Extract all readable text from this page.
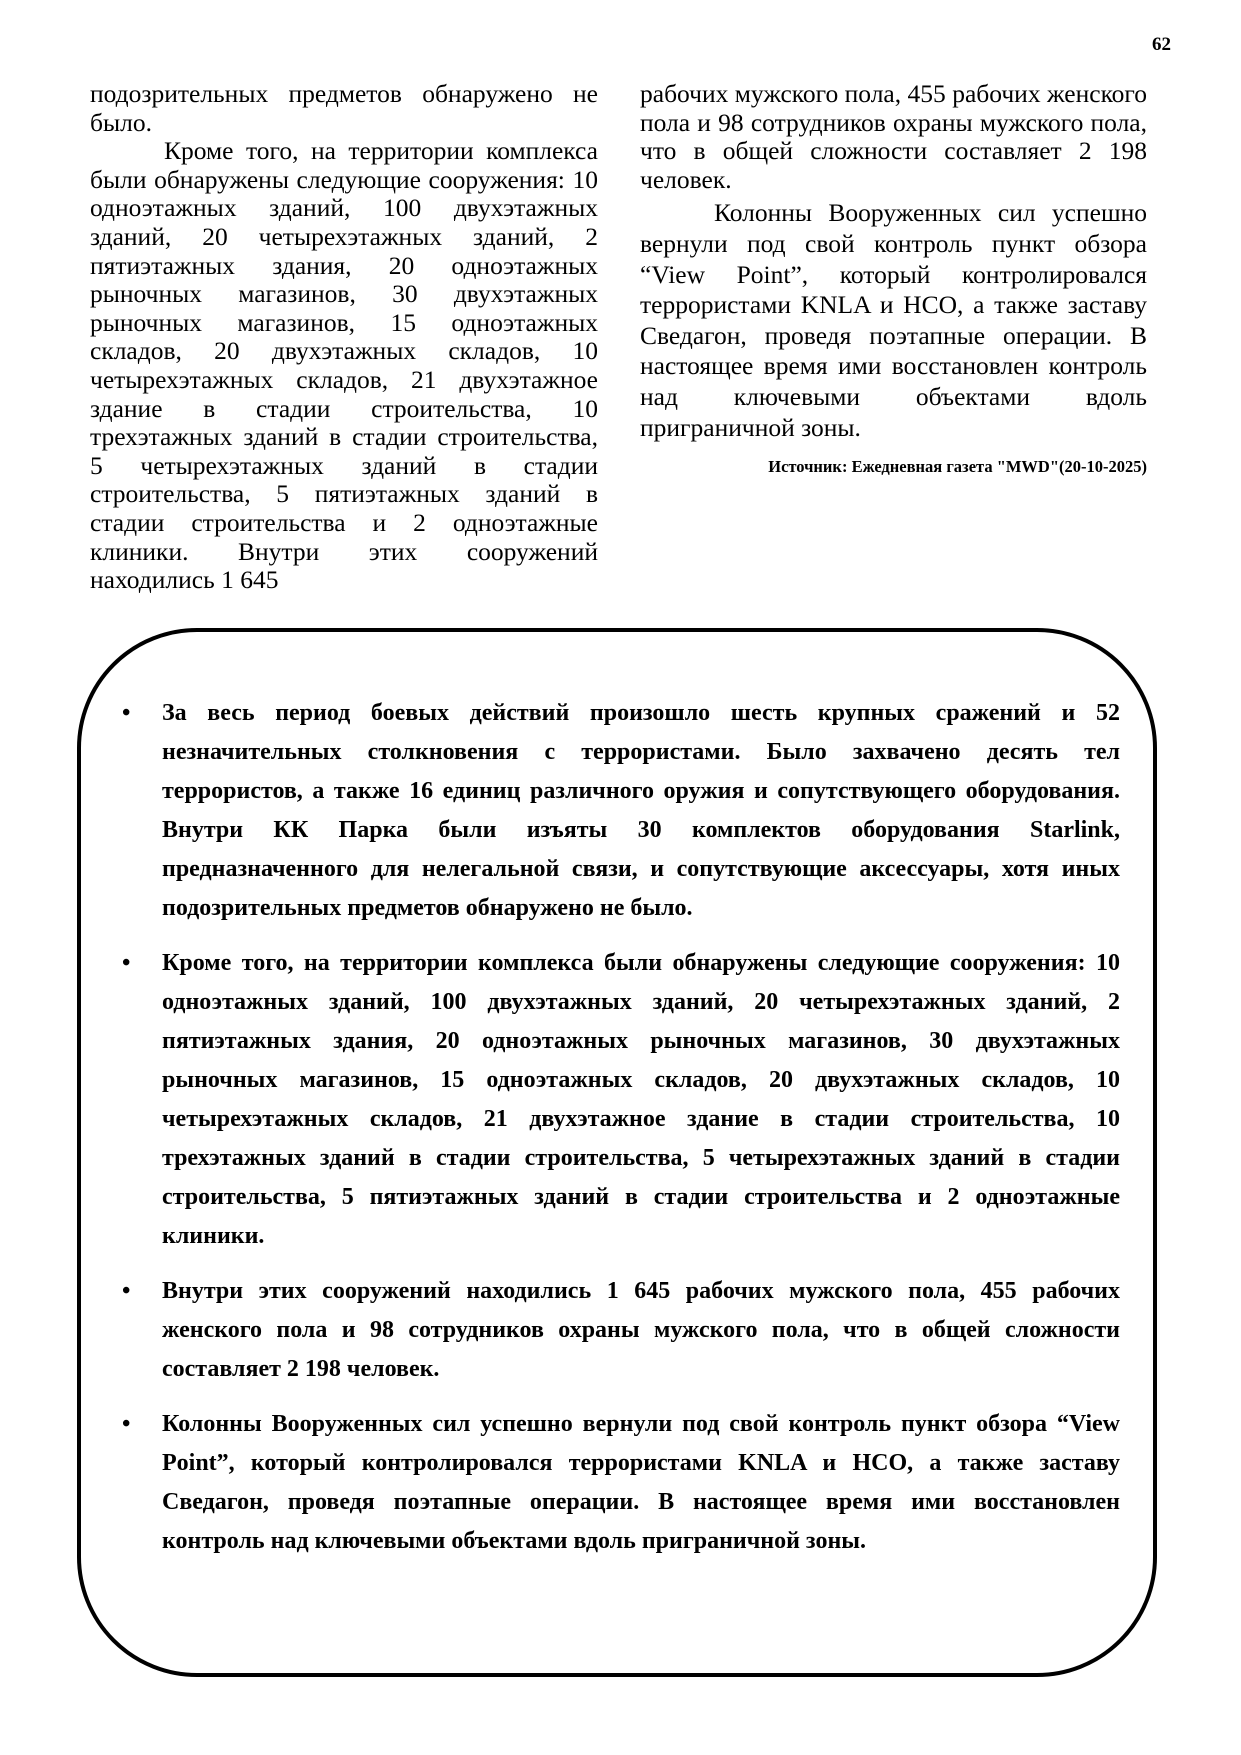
62

подозрительных предметов обнаружено не было.

Кроме того, на территории комплекса были обнаружены следующие сооружения: 10 одноэтажных зданий, 100 двухэтажных зданий, 20 четырехэтажных зданий, 2 пятиэтажных здания, 20 одноэтажных рыночных магазинов, 30 двухэтажных рыночных магазинов, 15 одноэтажных складов, 20 двухэтажных складов, 10 четырехэтажных складов, 21 двухэтажное здание в стадии строительства, 10 трехэтажных зданий в стадии строительства, 5 четырехэтажных зданий в стадии строительства, 5 пятиэтажных зданий в стадии строительства и 2 одноэтажные клиники. Внутри этих сооружений находились 1 645

рабочих мужского пола, 455 рабочих женского пола и 98 сотрудников охраны мужского пола, что в общей сложности составляет 2 198 человек.

Колонны Вооруженных сил успешно вернули под свой контроль пункт обзора “View Point”, который контролировался террористами KNLA и HCO, а также заставу Сведагон, проведя поэтапные операции. В настоящее время ими восстановлен контроль над ключевыми объектами вдоль приграничной зоны.

Источник: Ежедневная газета "MWD"(20-10-2025)
• За весь период боевых действий произошло шесть крупных сражений и 52 незначительных столкновения с террористами. Было захвачено десять тел террористов, а также 16 единиц различного оружия и сопутствующего оборудования. Внутри КК Парка были изъяты 30 комплектов оборудования Starlink, предназначенного для нелегальной связи, и сопутствующие аксессуары, хотя иных подозрительных предметов обнаружено не было.
• Кроме того, на территории комплекса были обнаружены следующие сооружения: 10 одноэтажных зданий, 100 двухэтажных зданий, 20 четырехэтажных зданий, 2 пятиэтажных здания, 20 одноэтажных рыночных магазинов, 30 двухэтажных рыночных магазинов, 15 одноэтажных складов, 20 двухэтажных складов, 10 четырехэтажных складов, 21 двухэтажное здание в стадии строительства, 10 трехэтажных зданий в стадии строительства, 5 четырехэтажных зданий в стадии строительства, 5 пятиэтажных зданий в стадии строительства и 2 одноэтажные клиники.
• Внутри этих сооружений находились 1 645 рабочих мужского пола, 455 рабочих женского пола и 98 сотрудников охраны мужского пола, что в общей сложности составляет 2 198 человек.
• Колонны Вооруженных сил успешно вернули под свой контроль пункт обзора “View Point”, который контролировался террористами KNLA и HCO, а также заставу Сведагон, проведя поэтапные операции. В настоящее время ими восстановлен контроль над ключевыми объектами вдоль приграничной зоны.
